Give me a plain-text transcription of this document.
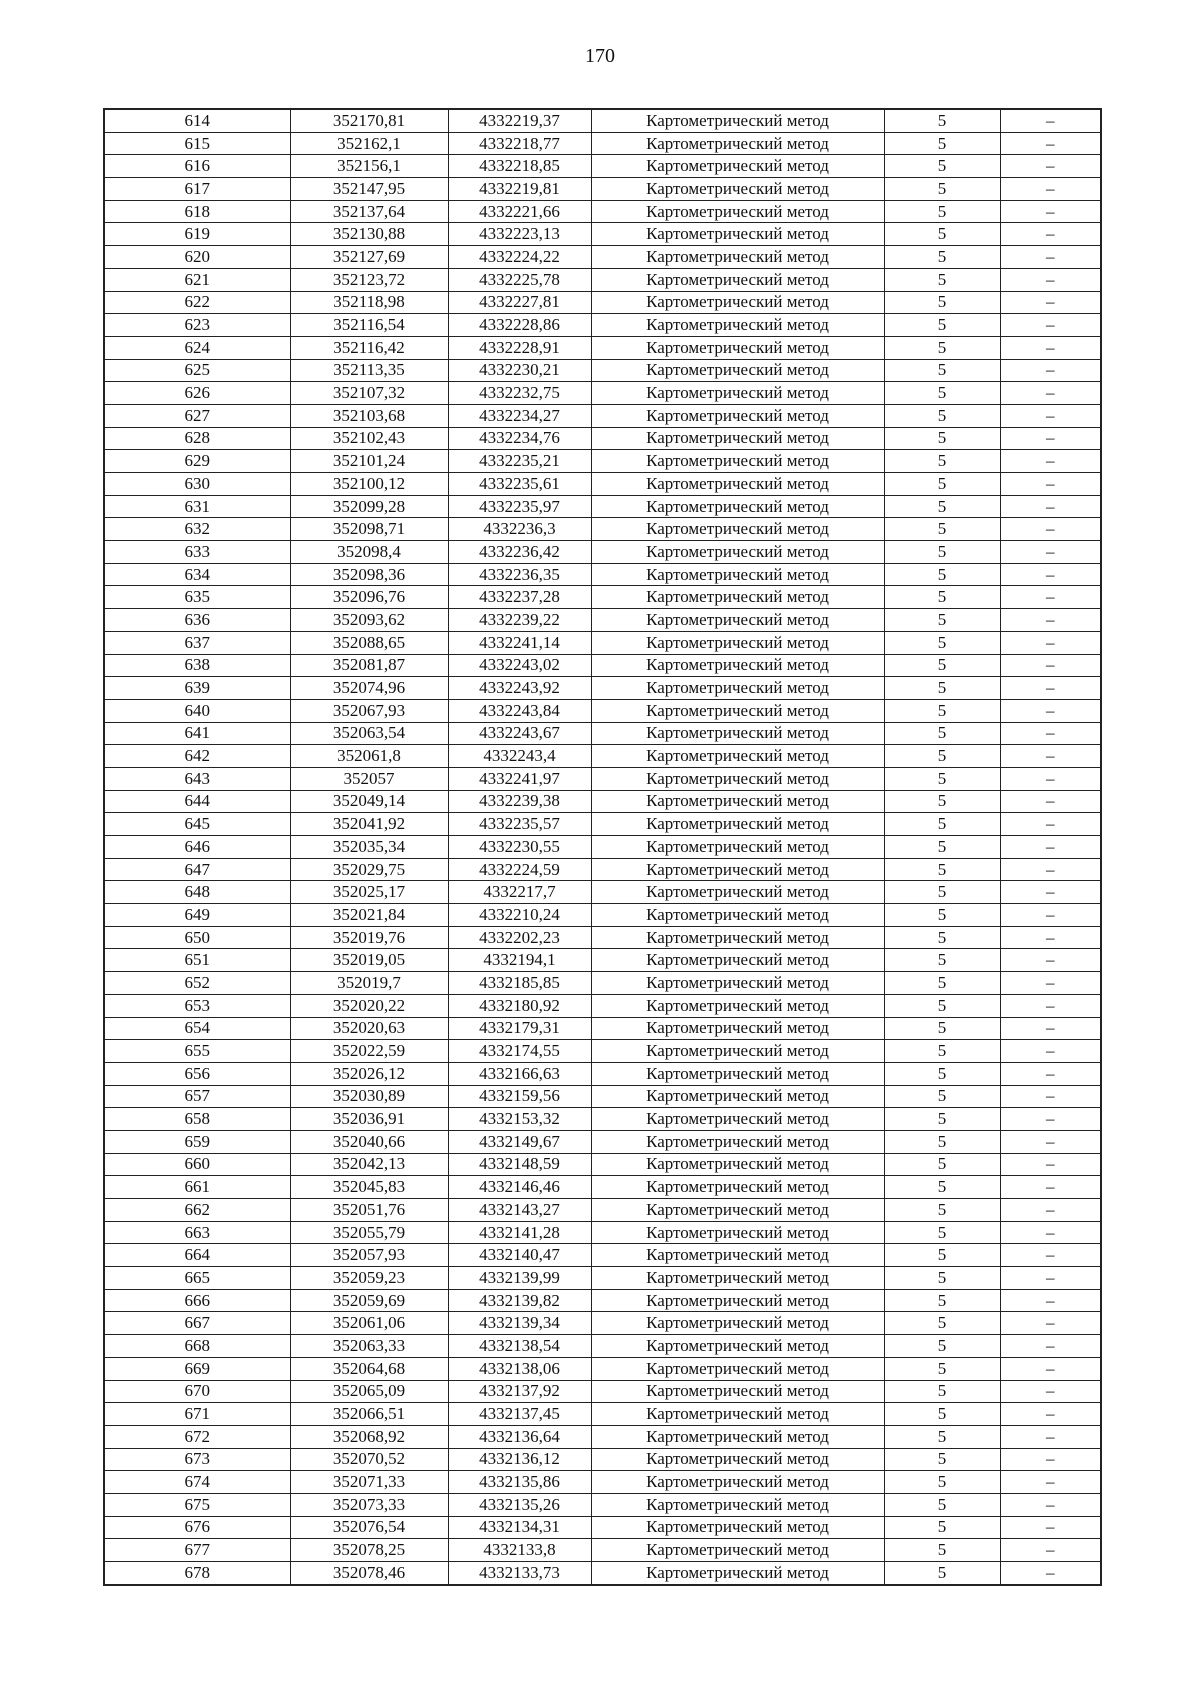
170
614	352170,81	4332219,37	Картометрический метод	5	–
615	352162,1	4332218,77	Картометрический метод	5	–
616	352156,1	4332218,85	Картометрический метод	5	–
617	352147,95	4332219,81	Картометрический метод	5	–
618	352137,64	4332221,66	Картометрический метод	5	–
619	352130,88	4332223,13	Картометрический метод	5	–
620	352127,69	4332224,22	Картометрический метод	5	–
621	352123,72	4332225,78	Картометрический метод	5	–
622	352118,98	4332227,81	Картометрический метод	5	–
623	352116,54	4332228,86	Картометрический метод	5	–
624	352116,42	4332228,91	Картометрический метод	5	–
625	352113,35	4332230,21	Картометрический метод	5	–
626	352107,32	4332232,75	Картометрический метод	5	–
627	352103,68	4332234,27	Картометрический метод	5	–
628	352102,43	4332234,76	Картометрический метод	5	–
629	352101,24	4332235,21	Картометрический метод	5	–
630	352100,12	4332235,61	Картометрический метод	5	–
631	352099,28	4332235,97	Картометрический метод	5	–
632	352098,71	4332236,3	Картометрический метод	5	–
633	352098,4	4332236,42	Картометрический метод	5	–
634	352098,36	4332236,35	Картометрический метод	5	–
635	352096,76	4332237,28	Картометрический метод	5	–
636	352093,62	4332239,22	Картометрический метод	5	–
637	352088,65	4332241,14	Картометрический метод	5	–
638	352081,87	4332243,02	Картометрический метод	5	–
639	352074,96	4332243,92	Картометрический метод	5	–
640	352067,93	4332243,84	Картометрический метод	5	–
641	352063,54	4332243,67	Картометрический метод	5	–
642	352061,8	4332243,4	Картометрический метод	5	–
643	352057	4332241,97	Картометрический метод	5	–
644	352049,14	4332239,38	Картометрический метод	5	–
645	352041,92	4332235,57	Картометрический метод	5	–
646	352035,34	4332230,55	Картометрический метод	5	–
647	352029,75	4332224,59	Картометрический метод	5	–
648	352025,17	4332217,7	Картометрический метод	5	–
649	352021,84	4332210,24	Картометрический метод	5	–
650	352019,76	4332202,23	Картометрический метод	5	–
651	352019,05	4332194,1	Картометрический метод	5	–
652	352019,7	4332185,85	Картометрический метод	5	–
653	352020,22	4332180,92	Картометрический метод	5	–
654	352020,63	4332179,31	Картометрический метод	5	–
655	352022,59	4332174,55	Картометрический метод	5	–
656	352026,12	4332166,63	Картометрический метод	5	–
657	352030,89	4332159,56	Картометрический метод	5	–
658	352036,91	4332153,32	Картометрический метод	5	–
659	352040,66	4332149,67	Картометрический метод	5	–
660	352042,13	4332148,59	Картометрический метод	5	–
661	352045,83	4332146,46	Картометрический метод	5	–
662	352051,76	4332143,27	Картометрический метод	5	–
663	352055,79	4332141,28	Картометрический метод	5	–
664	352057,93	4332140,47	Картометрический метод	5	–
665	352059,23	4332139,99	Картометрический метод	5	–
666	352059,69	4332139,82	Картометрический метод	5	–
667	352061,06	4332139,34	Картометрический метод	5	–
668	352063,33	4332138,54	Картометрический метод	5	–
669	352064,68	4332138,06	Картометрический метод	5	–
670	352065,09	4332137,92	Картометрический метод	5	–
671	352066,51	4332137,45	Картометрический метод	5	–
672	352068,92	4332136,64	Картометрический метод	5	–
673	352070,52	4332136,12	Картометрический метод	5	–
674	352071,33	4332135,86	Картометрический метод	5	–
675	352073,33	4332135,26	Картометрический метод	5	–
676	352076,54	4332134,31	Картометрический метод	5	–
677	352078,25	4332133,8	Картометрический метод	5	–
678	352078,46	4332133,73	Картометрический метод	5	–
